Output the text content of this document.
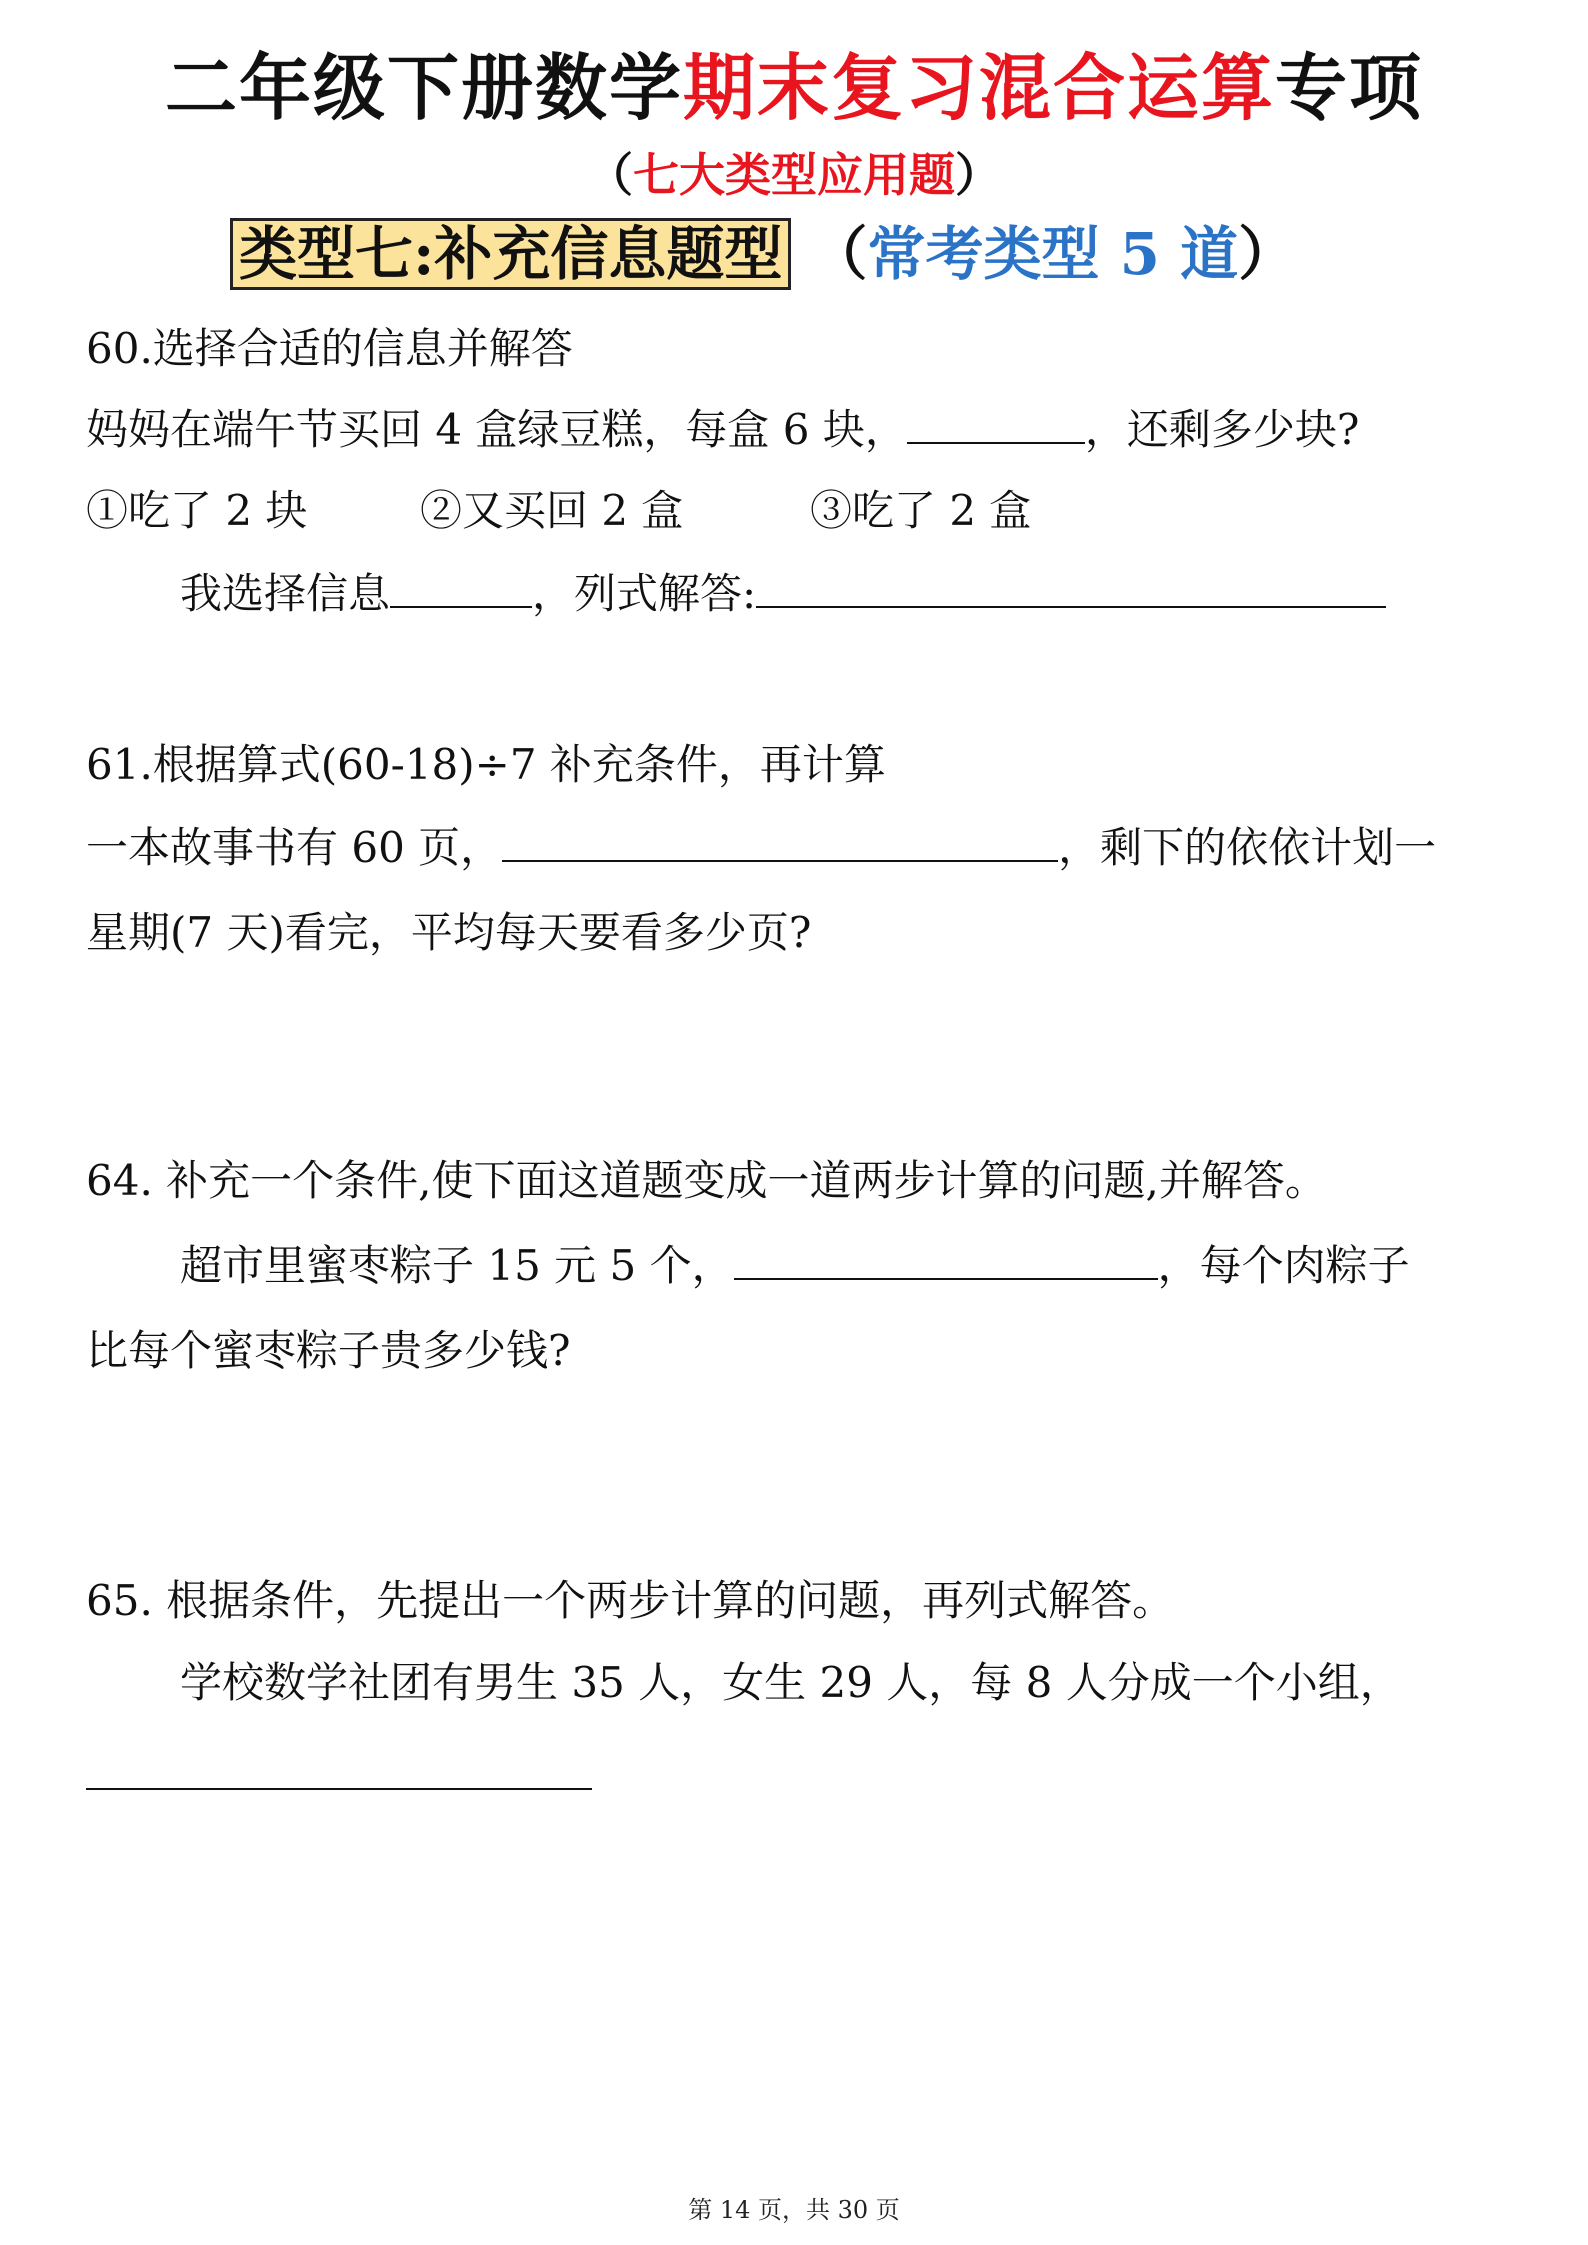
二年级下册数学期末复习混合运算专项
（七大类型应用题）
类型七:补充信息题型 （常考类型 5 道）
60.选择合适的信息并解答
妈妈在端午节买回 4 盒绿豆糕，每盒 6 块，	，还剩多少块?
①吃了 2 块	②又买回 2 盒	③吃了 2 盒
我选择信息	，列式解答:
61.根据算式(60-18)÷7 补充条件，再计算
一本故事书有 60 页，	，剩下的依依计划一
星期(7 天)看完，平均每天要看多少页?
64. 补充一个条件,使下面这道题变成一道两步计算的问题,并解答。
超市里蜜枣粽子 15 元 5 个，	，每个肉粽子
比每个蜜枣粽子贵多少钱?
65. 根据条件，先提出一个两步计算的问题，再列式解答。
学校数学社团有男生 35 人，女生 29 人，每 8 人分成一个小组，
第 14 页，共 30 页
